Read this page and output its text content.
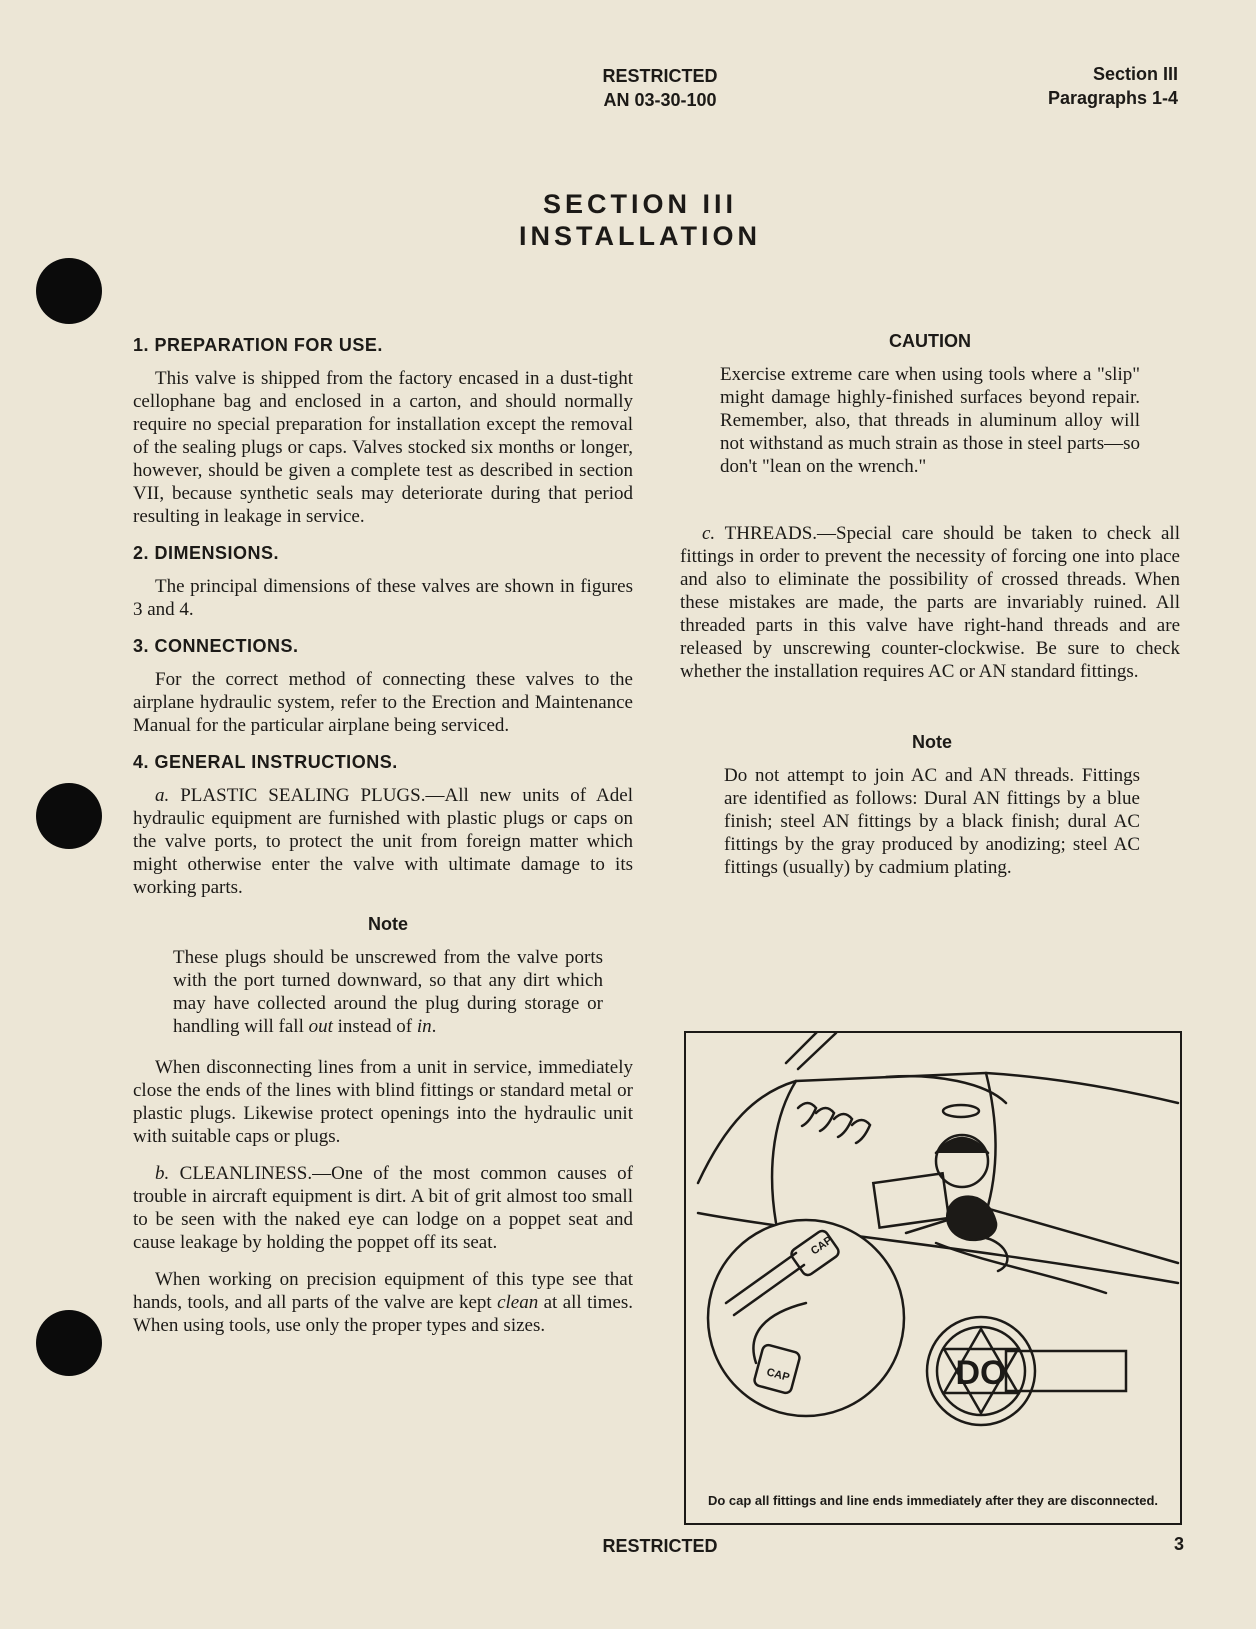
RESTRICTED
AN 03-30-100
Section III
Paragraphs 1-4
SECTION III
INSTALLATION
1. PREPARATION FOR USE.

This valve is shipped from the factory encased in a dust-tight cellophane bag and enclosed in a carton, and should normally require no special preparation for installation except the removal of the sealing plugs or caps. Valves stocked six months or longer, however, should be given a complete test as described in section VII, because synthetic seals may deteriorate during that period resulting in leakage in service.

2. DIMENSIONS.

The principal dimensions of these valves are shown in figures 3 and 4.

3. CONNECTIONS.

For the correct method of connecting these valves to the airplane hydraulic system, refer to the Erection and Maintenance Manual for the particular airplane being serviced.

4. GENERAL INSTRUCTIONS.

a. PLASTIC SEALING PLUGS.—All new units of Adel hydraulic equipment are furnished with plastic plugs or caps on the valve ports, to protect the unit from foreign matter which might otherwise enter the valve with ultimate damage to its working parts.

Note

These plugs should be unscrewed from the valve ports with the port turned downward, so that any dirt which may have collected around the plug during storage or handling will fall out instead of in.

When disconnecting lines from a unit in service, immediately close the ends of the lines with blind fittings or standard metal or plastic plugs. Likewise protect openings into the hydraulic unit with suitable caps or plugs.

b. CLEANLINESS.—One of the most common causes of trouble in aircraft equipment is dirt. A bit of grit almost too small to be seen with the naked eye can lodge on a poppet seat and cause leakage by holding the poppet off its seat.

When working on precision equipment of this type see that hands, tools, and all parts of the valve are kept clean at all times. When using tools, use only the proper types and sizes.

CAUTION

Exercise extreme care when using tools where a "slip" might damage highly-finished surfaces beyond repair. Remember, also, that threads in aluminum alloy will not withstand as much strain as those in steel parts—so don't "lean on the wrench."

c. THREADS.—Special care should be taken to check all fittings in order to prevent the necessity of forcing one into place and also to eliminate the possibility of crossed threads. When these mistakes are made, the parts are invariably ruined. All threaded parts in this valve have right-hand threads and are released by unscrewing counter-clockwise. Be sure to check whether the installation requires AC or AN standard fittings.

Note

Do not attempt to join AC and AN threads. Fittings are identified as follows: Dural AN fittings by a blue finish; steel AN fittings by a black finish; dural AC fittings by the gray produced by anodizing; steel AC fittings (usually) by cadmium plating.

CAP
CAP	DO
Do cap all fittings and line ends immediately after they are disconnected.
RESTRICTED	3
